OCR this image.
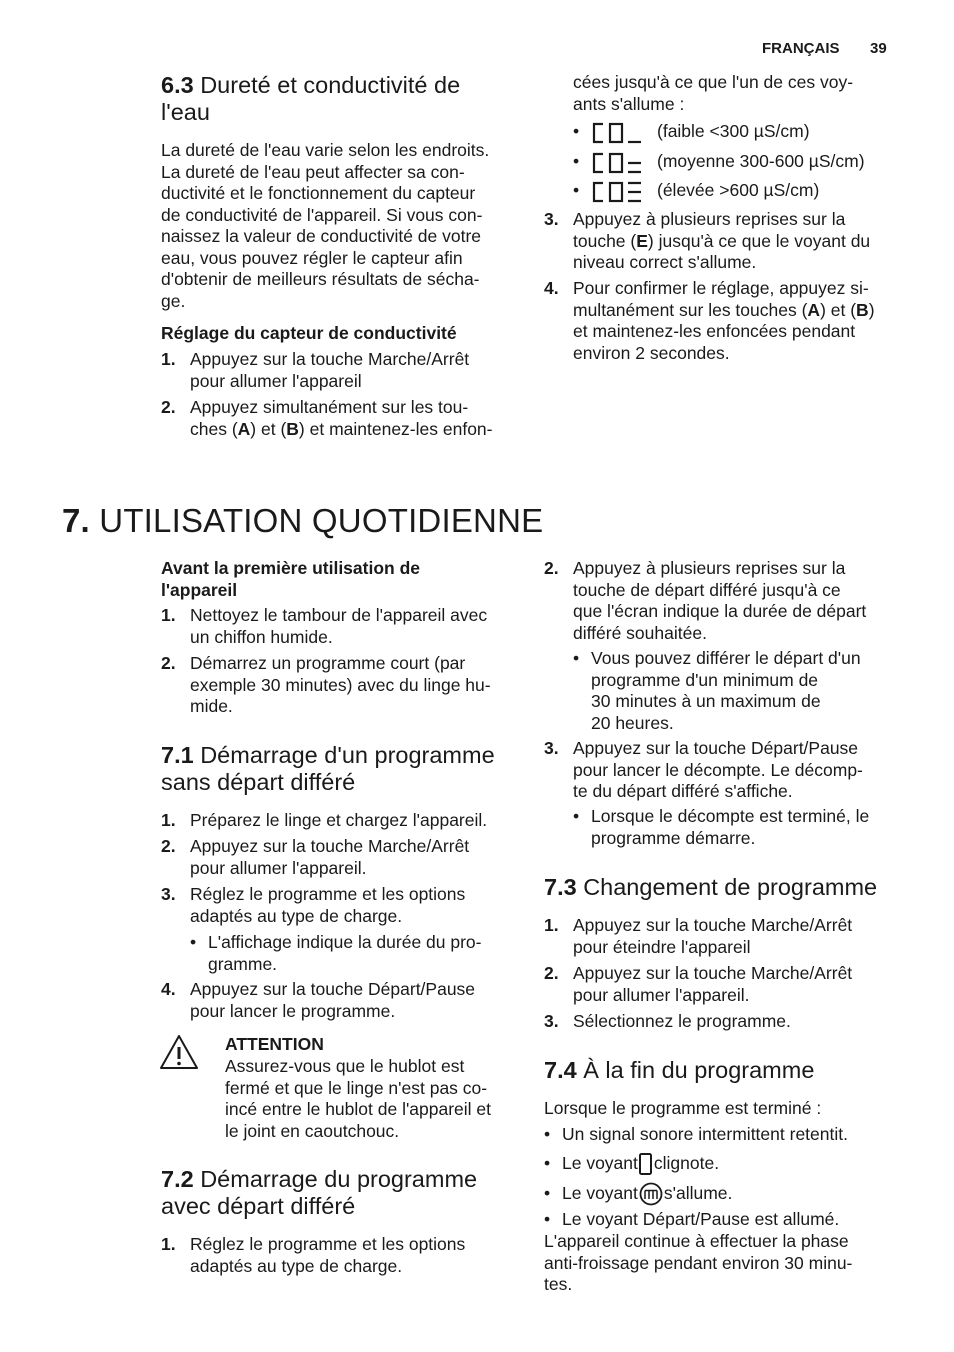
FRANÇAIS 39
6.3 Dureté et conductivité de
l'eau
La dureté de l'eau varie selon les endroits.
La dureté de l'eau peut affecter sa con-
ductivité et le fonctionnement du capteur
de conductivité de l'appareil. Si vous con-
naissez la valeur de conductivité de votre
eau, vous pouvez régler le capteur afin
d'obtenir de meilleurs résultats de sécha-
ge.
Réglage du capteur de conductivité
1. Appuyez sur la touche Marche/Arrêt
pour allumer l'appareil
2. Appuyez simultanément sur les tou-
ches (A) et (B) et maintenez-les enfon-
cées jusqu'à ce que l'un de ces voy-
ants s'allume :
•	(faible <300 µS/cm)
•	(moyenne 300-600 µS/cm)
•	(élevée >600 µS/cm)
3. Appuyez à plusieurs reprises sur la
touche (E) jusqu'à ce que le voyant du
niveau correct s'allume.
4. Pour confirmer le réglage, appuyez si-
multanément sur les touches (A) et (B)
et maintenez-les enfoncées pendant
environ 2 secondes.
7. UTILISATION QUOTIDIENNE
Avant la première utilisation de
l'appareil
1. Nettoyez le tambour de l'appareil avec
un chiffon humide.
2. Démarrez un programme court (par
exemple 30 minutes) avec du linge hu-
mide.
7.1 Démarrage d'un programme
sans départ différé
1. Préparez le linge et chargez l'appareil.
2. Appuyez sur la touche Marche/Arrêt
pour allumer l'appareil.
3. Réglez le programme et les options
adaptés au type de charge.
• L'affichage indique la durée du pro-
gramme.
4. Appuyez sur la touche Départ/Pause
pour lancer le programme.
ATTENTION
Assurez-vous que le hublot est
fermé et que le linge n'est pas co-
incé entre le hublot de l'appareil et
le joint en caoutchouc.
7.2 Démarrage du programme
avec départ différé
1. Réglez le programme et les options
adaptés au type de charge.
2. Appuyez à plusieurs reprises sur la
touche de départ différé jusqu'à ce
que l'écran indique la durée de départ
différé souhaitée.
• Vous pouvez différer le départ d'un
programme d'un minimum de
30 minutes à un maximum de
20 heures.
3. Appuyez sur la touche Départ/Pause
pour lancer le décompte. Le décomp-
te du départ différé s'affiche.
• Lorsque le décompte est terminé, le
programme démarre.
7.3 Changement de programme
1. Appuyez sur la touche Marche/Arrêt
pour éteindre l'appareil
2. Appuyez sur la touche Marche/Arrêt
pour allumer l'appareil.
3. Sélectionnez le programme.
7.4 À la fin du programme
Lorsque le programme est terminé :
• Un signal sonore intermittent retentit.
• Le voyant clignote.
• Le voyant s'allume.
• Le voyant Départ/Pause est allumé.
L'appareil continue à effectuer la phase
anti-froissage pendant environ 30 minu-
tes.
